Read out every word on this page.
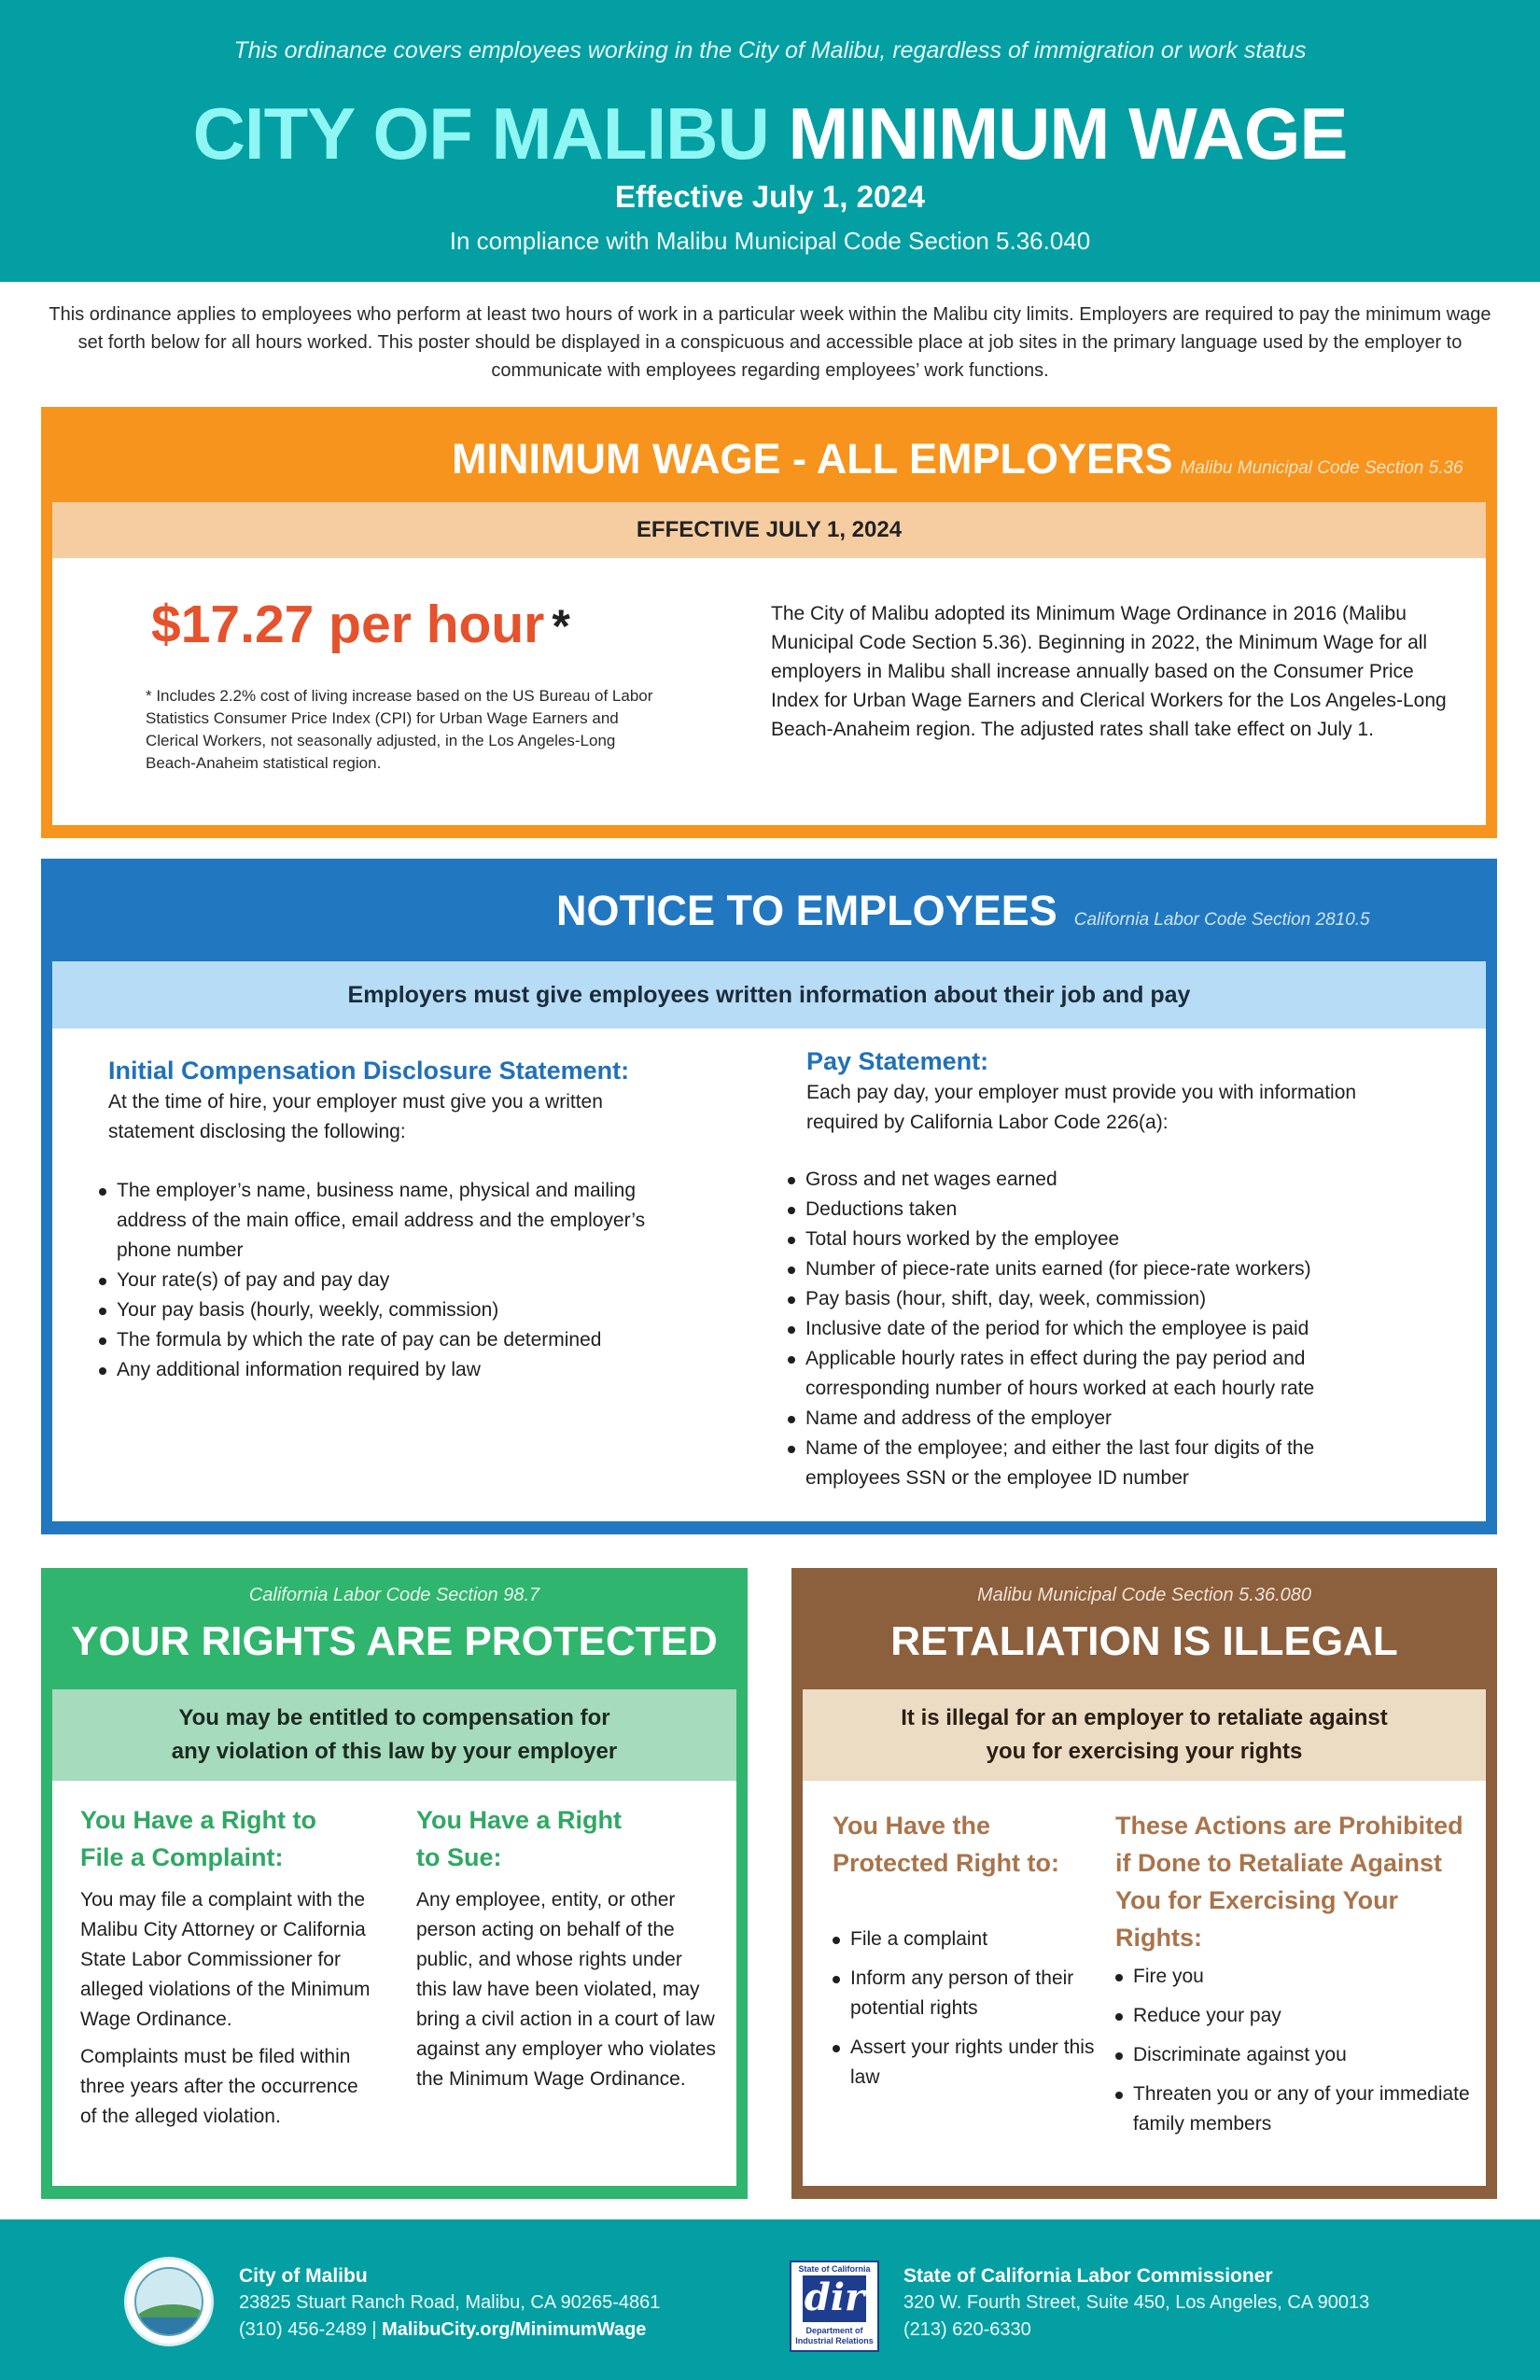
This ordinance covers employees working in the City of Malibu, regardless of immigration or work status
CITY OF MALIBU MINIMUM WAGE
Effective July 1, 2024
In compliance with Malibu Municipal Code Section 5.36.040
This ordinance applies to employees who perform at least two hours of work in a particular week within the Malibu city limits. Employers are required to pay the minimum wage set forth below for all hours worked. This poster should be displayed in a conspicuous and accessible place at job sites in the primary language used by the employer to communicate with employees regarding employees’ work functions.
MINIMUM WAGE - ALL EMPLOYERS Malibu Municipal Code Section 5.36
EFFECTIVE JULY 1, 2024
$17.27 per hour *
* Includes 2.2% cost of living increase based on the US Bureau of Labor Statistics Consumer Price Index (CPI) for Urban Wage Earners and Clerical Workers, not seasonally adjusted, in the Los Angeles-Long Beach-Anaheim statistical region.
The City of Malibu adopted its Minimum Wage Ordinance in 2016 (Malibu Municipal Code Section 5.36). Beginning in 2022, the Minimum Wage for all employers in Malibu shall increase annually based on the Consumer Price Index for Urban Wage Earners and Clerical Workers for the Los Angeles-Long Beach-Anaheim region. The adjusted rates shall take effect on July 1.
NOTICE TO EMPLOYEES California Labor Code Section 2810.5
Employers must give employees written information about their job and pay
Initial Compensation Disclosure Statement:
At the time of hire, your employer must give you a written statement disclosing the following:
The employer’s name, business name, physical and mailing address of the main office, email address and the employer’s phone number
Your rate(s) of pay and pay day
Your pay basis (hourly, weekly, commission)
The formula by which the rate of pay can be determined
Any additional information required by law
Pay Statement:
Each pay day, your employer must provide you with information required by California Labor Code 226(a):
Gross and net wages earned
Deductions taken
Total hours worked by the employee
Number of piece-rate units earned (for piece-rate workers)
Pay basis (hour, shift, day, week, commission)
Inclusive date of the period for which the employee is paid
Applicable hourly rates in effect during the pay period and corresponding number of hours worked at each hourly rate
Name and address of the employer
Name of the employee; and either the last four digits of the employees SSN or the employee ID number
California Labor Code Section 98.7
YOUR RIGHTS ARE PROTECTED
You may be entitled to compensation for
any violation of this law by your employer
You Have a Right to
File a Complaint:
You may file a complaint with the Malibu City Attorney or California State Labor Commissioner for alleged violations of the Minimum Wage Ordinance.
Complaints must be filed within three years after the occurrence of the alleged violation.
You Have a Right
to Sue:
Any employee, entity, or other person acting on behalf of the public, and whose rights under this law have been violated, may bring a civil action in a court of law against any employer who violates the Minimum Wage Ordinance.
Malibu Municipal Code Section 5.36.080
RETALIATION IS ILLEGAL
It is illegal for an employer to retaliate against
you for exercising your rights
You Have the
Protected Right to:
File a complaint
Inform any person of their potential rights
Assert your rights under this law
These Actions are Prohibited
if Done to Retaliate Against
You for Exercising Your Rights:
Fire you
Reduce your pay
Discriminate against you
Threaten you or any of your immediate family members
City of Malibu
23825 Stuart Ranch Road, Malibu, CA 90265-4861
(310) 456-2489 | MalibuCity.org/MinimumWage
State of California
dir
Department of
Industrial Relations
State of California Labor Commissioner
320 W. Fourth Street, Suite 450, Los Angeles, CA 90013
(213) 620-6330
